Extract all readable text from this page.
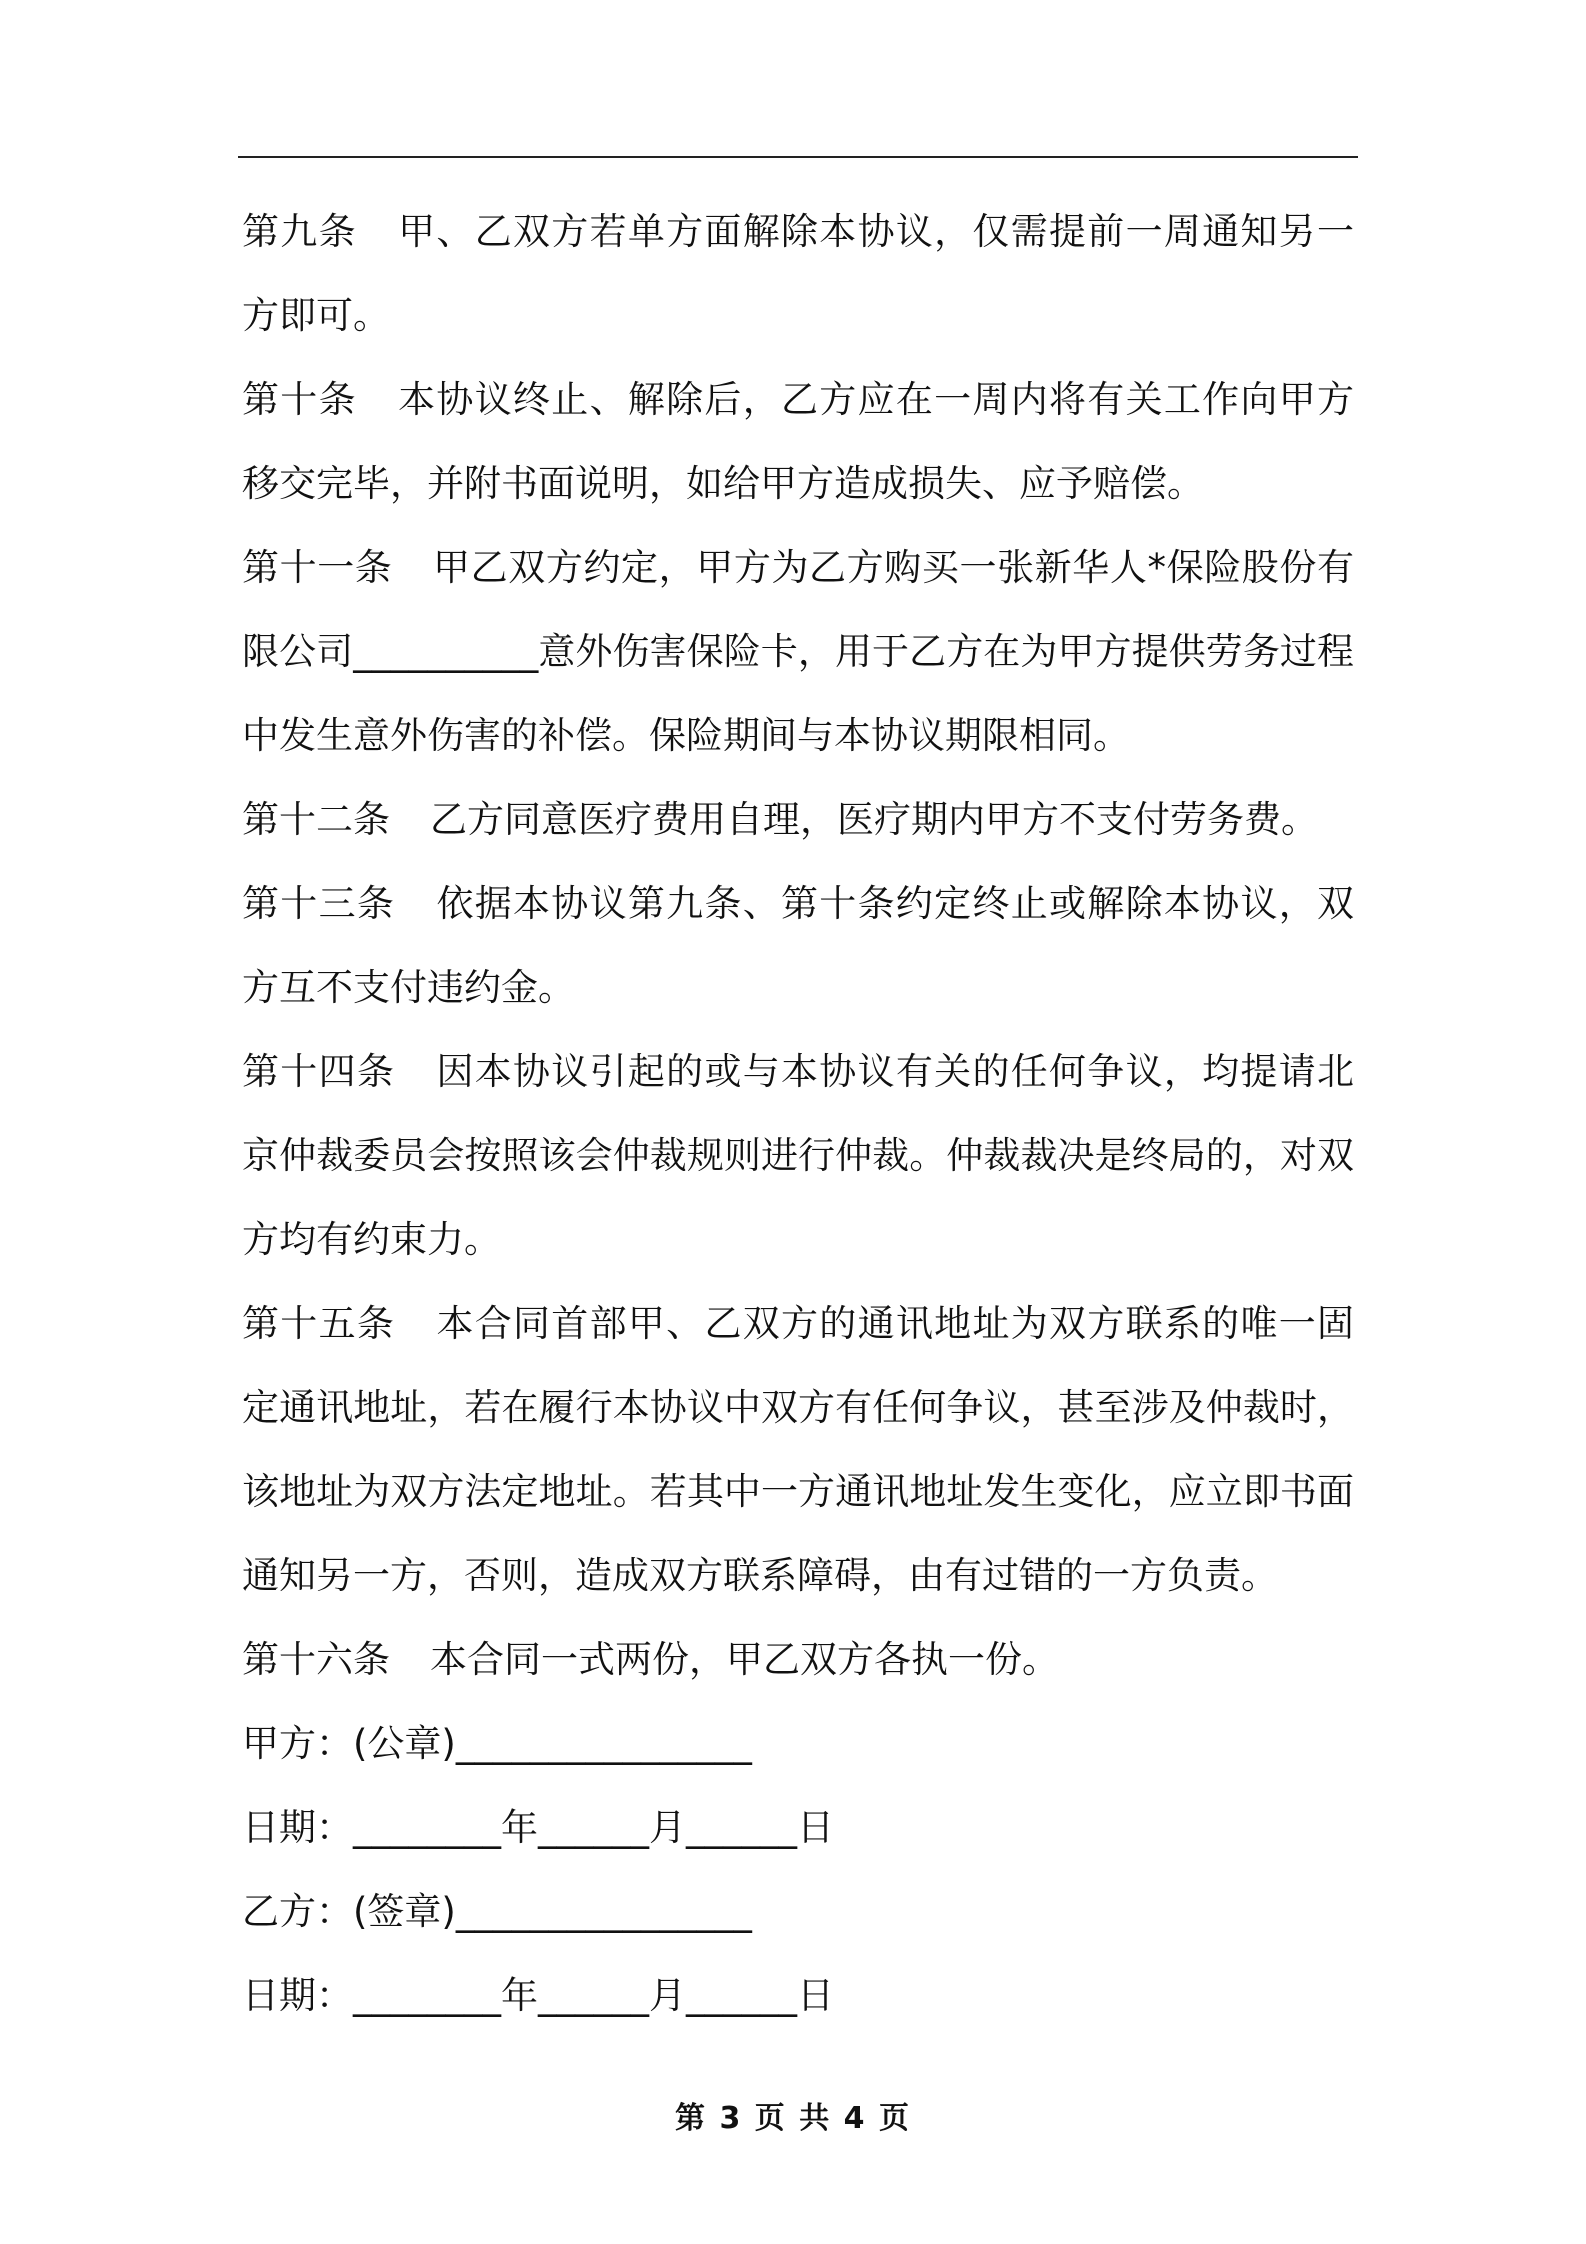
第九条 甲、乙双方若单方面解除本协议，仅需提前一周通知另一方即可。

第十条 本协议终止、解除后，乙方应在一周内将有关工作向甲方移交完毕，并附书面说明，如给甲方造成损失、应予赔偿。

第十一条 甲乙双方约定，甲方为乙方购买一张新华人*保险股份有限公司__________意外伤害保险卡，用于乙方在为甲方提供劳务过程中发生意外伤害的补偿。保险期间与本协议期限相同。

第十二条 乙方同意医疗费用自理，医疗期内甲方不支付劳务费。

第十三条 依据本协议第九条、第十条约定终止或解除本协议，双方互不支付违约金。

第十四条 因本协议引起的或与本协议有关的任何争议，均提请北京仲裁委员会按照该会仲裁规则进行仲裁。仲裁裁决是终局的，对双方均有约束力。

第十五条 本合同首部甲、乙双方的通讯地址为双方联系的唯一固定通讯地址，若在履行本协议中双方有任何争议，甚至涉及仲裁时，该地址为双方法定地址。若其中一方通讯地址发生变化，应立即书面通知另一方，否则，造成双方联系障碍，由有过错的一方负责。

第十六条 本合同一式两份，甲乙双方各执一份。

甲方：(公章)________________

日期：________年______月______日

乙方：(签章)________________

日期：________年______月______日

第 3 页 共 4 页
